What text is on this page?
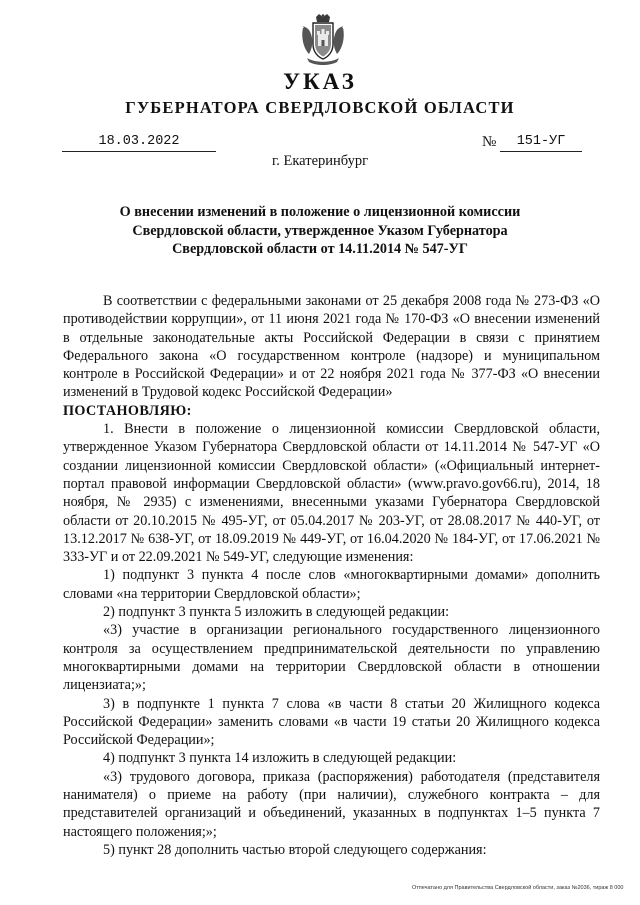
УКАЗ
ГУБЕРНАТОРА СВЕРДЛОВСКОЙ ОБЛАСТИ
18.03.2022	№	151-УГ
г. Екатеринбург
О внесении изменений в положение о лицензионной комиссии Свердловской области, утвержденное Указом Губернатора Свердловской области от 14.11.2014 № 547-УГ

В соответствии с федеральными законами от 25 декабря 2008 года № 273-ФЗ «О противодействии коррупции», от 11 июня 2021 года № 170-ФЗ «О внесении изменений в отдельные законодательные акты Российской Федерации в связи с принятием Федерального закона «О государственном контроле (надзоре) и муниципальном контроле в Российской Федерации» и от 22 ноября 2021 года № 377-ФЗ «О внесении изменений в Трудовой кодекс Российской Федерации»

ПОСТАНОВЛЯЮ:

1. Внести в положение о лицензионной комиссии Свердловской области, утвержденное Указом Губернатора Свердловской области от 14.11.2014 № 547-УГ «О создании лицензионной комиссии Свердловской области» («Официальный интернет-портал правовой информации Свердловской области» (www.pravo.gov66.ru), 2014, 18 ноября, № 2935) с изменениями, внесенными указами Губернатора Свердловской области от 20.10.2015 № 495-УГ, от 05.04.2017 № 203-УГ, от 28.08.2017 № 440-УГ, от 13.12.2017 № 638-УГ, от 18.09.2019 № 449-УГ, от 16.04.2020 № 184-УГ, от 17.06.2021 № 333-УГ и от 22.09.2021 № 549-УГ, следующие изменения:

1) подпункт 3 пункта 4 после слов «многоквартирными домами» дополнить словами «на территории Свердловской области»;

2) подпункт 3 пункта 5 изложить в следующей редакции:

«3) участие в организации регионального государственного лицензионного контроля за осуществлением предпринимательской деятельности по управлению многоквартирными домами на территории Свердловской области в отношении лицензиата;»;

3) в подпункте 1 пункта 7 слова «в части 8 статьи 20 Жилищного кодекса Российской Федерации» заменить словами «в части 19 статьи 20 Жилищного кодекса Российской Федерации»;

4) подпункт 3 пункта 14 изложить в следующей редакции:

«3) трудового договора, приказа (распоряжения) работодателя (представителя нанимателя) о приеме на работу (при наличии), служебного контракта – для представителей организаций и объединений, указанных в подпунктах 1–5 пункта 7 настоящего положения;»;

5) пункт 28 дополнить частью второй следующего содержания:

Отпечатано для Правительства Свердловской области, заказ №2036, тираж 8 000
